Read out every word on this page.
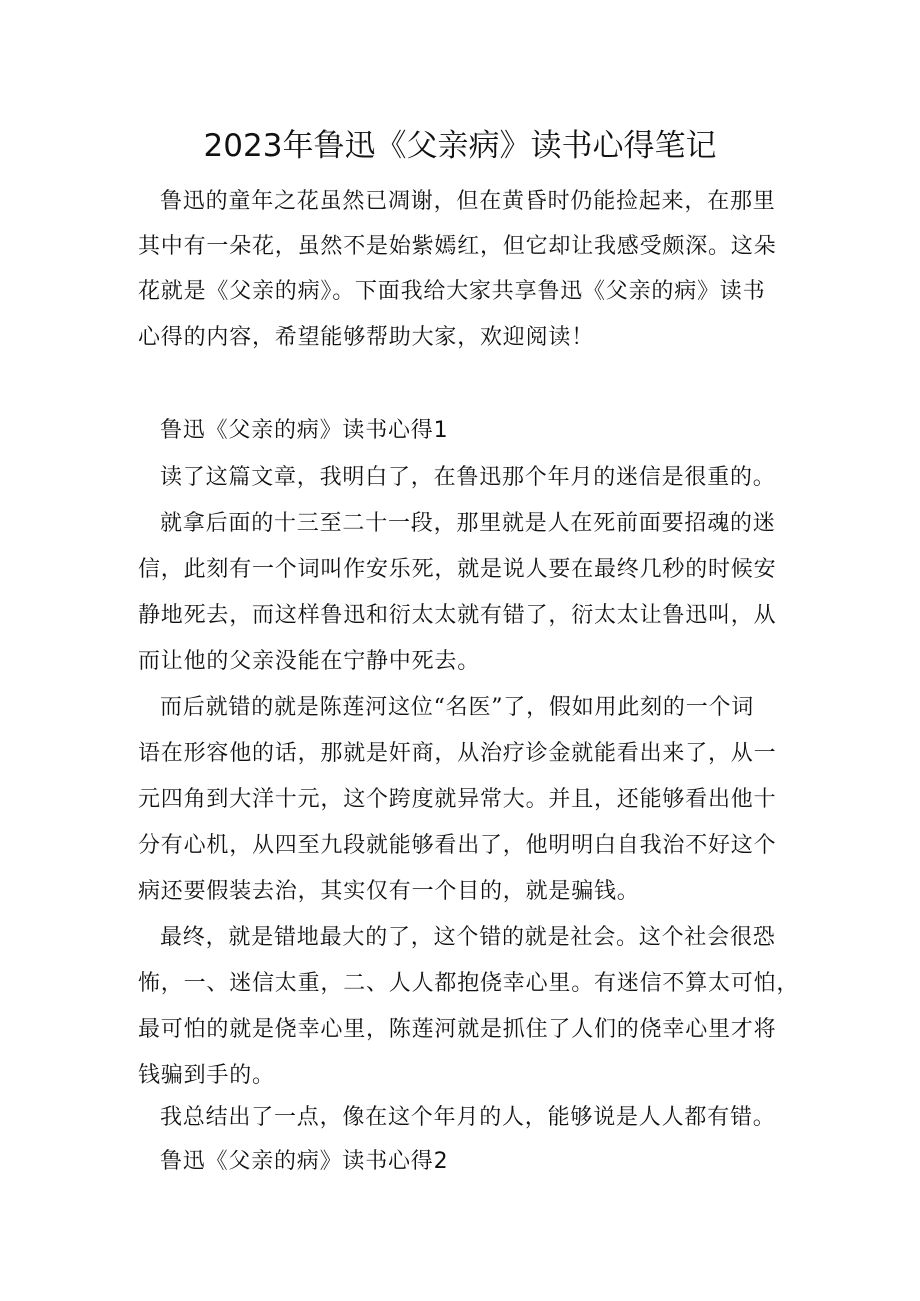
2023年鲁迅《父亲病》读书心得笔记
鲁迅的童年之花虽然已凋谢，但在黄昏时仍能捡起来，在那里
其中有一朵花，虽然不是始紫嫣红，但它却让我感受颇深。这朵
花就是《父亲的病》。下面我给大家共享鲁迅《父亲的病》读书
心得的内容，希望能够帮助大家，欢迎阅读！
鲁迅《父亲的病》读书心得1
读了这篇文章，我明白了，在鲁迅那个年月的迷信是很重的。
就拿后面的十三至二十一段，那里就是人在死前面要招魂的迷
信，此刻有一个词叫作安乐死，就是说人要在最终几秒的时候安
静地死去，而这样鲁迅和衍太太就有错了，衍太太让鲁迅叫，从
而让他的父亲没能在宁静中死去。
而后就错的就是陈莲河这位“名医”了，假如用此刻的一个词
语在形容他的话，那就是奸商，从治疗诊金就能看出来了，从一
元四角到大洋十元，这个跨度就异常大。并且，还能够看出他十
分有心机，从四至九段就能够看出了，他明明白自我治不好这个
病还要假装去治，其实仅有一个目的，就是骗钱。
最终，就是错地最大的了，这个错的就是社会。这个社会很恐
怖，一、迷信太重，二、人人都抱侥幸心里。有迷信不算太可怕，
最可怕的就是侥幸心里，陈莲河就是抓住了人们的侥幸心里才将
钱骗到手的。
我总结出了一点，像在这个年月的人，能够说是人人都有错。
鲁迅《父亲的病》读书心得2
